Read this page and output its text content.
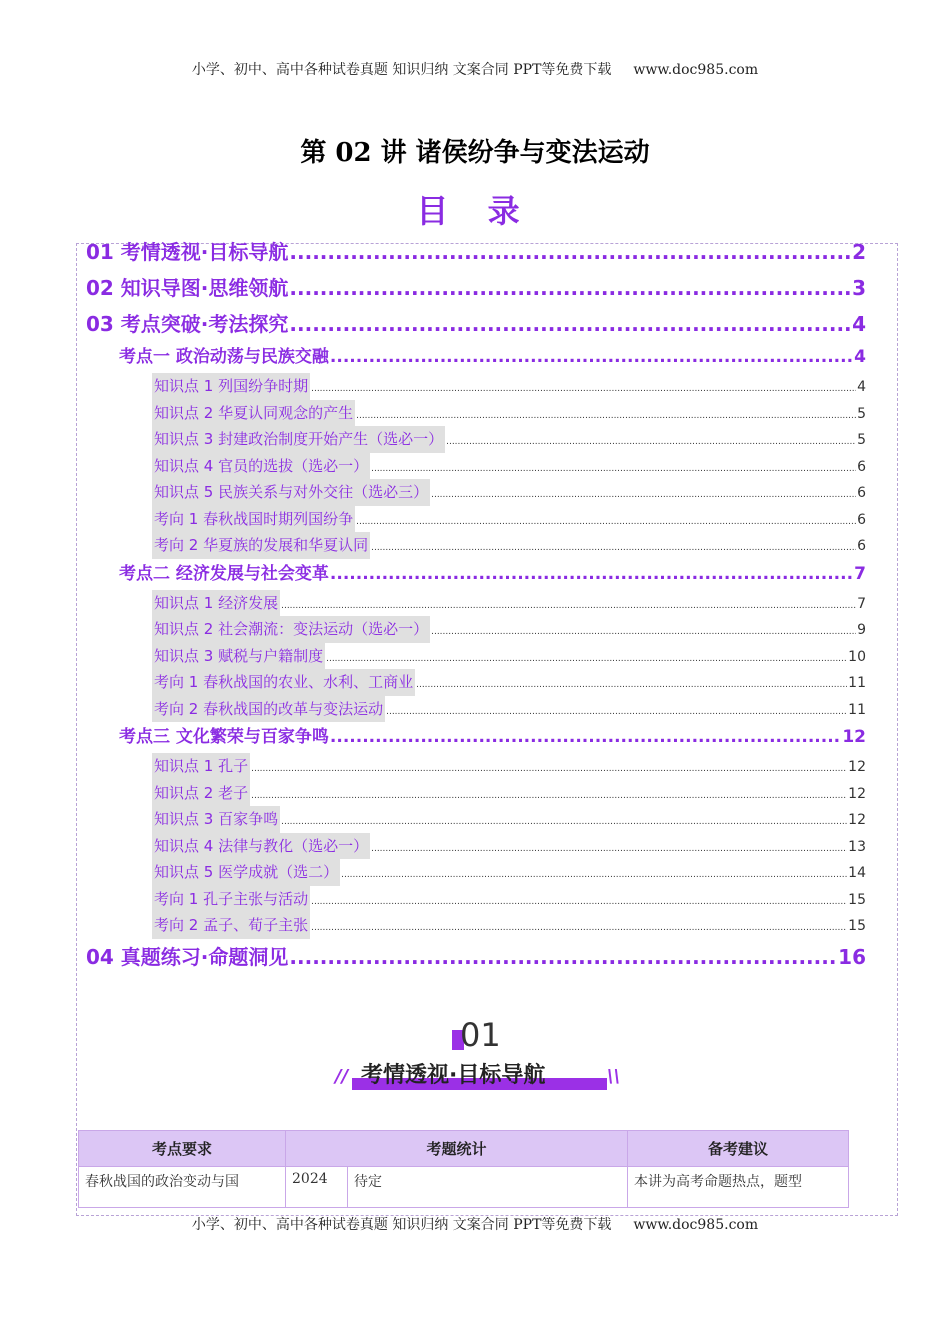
小学、初中、高中各种试卷真题 知识归纳 文案合同 PPT等免费下载 www.doc985.com
第 02 讲 诸侯纷争与变法运动
目 录
01 考情透视·目标导航 .....	2
02 知识导图·思维领航 .....	3
03 考点突破·考法探究 .....	4
考点一 政治动荡与民族交融 .....	4
知识点 1 列国纷争时期 .....	4
知识点 2 华夏认同观念的产生 .....	5
知识点 3 封建政治制度开始产生（选必一） .....	5
知识点 4 官员的选拔（选必一） .....	6
知识点 5 民族关系与对外交往（选必三） .....	6
考向 1 春秋战国时期列国纷争 .....	6
考向 2 华夏族的发展和华夏认同 .....	6
考点二 经济发展与社会变革 .....	7
知识点 1 经济发展 .....	7
知识点 2 社会潮流：变法运动（选必一） .....	9
知识点 3 赋税与户籍制度 .....	10
考向 1 春秋战国的农业、水利、工商业 .....	11
考向 2 春秋战国的改革与变法运动 .....	11
考点三 文化繁荣与百家争鸣 .....	12
知识点 1 孔子 .....	12
知识点 2 老子 .....	12
知识点 3 百家争鸣 .....	12
知识点 4 法律与教化（选必一） .....	13
知识点 5 医学成就（选二） .....	14
考向 1 孔子主张与活动 .....	15
考向 2 孟子、荀子主张 .....	15
04 真题练习·命题洞见 .....	16
01
// 考情透视·目标导航	\\
考点要求	考题统计		备考建议
春秋战国的政治变动与国	2024	待定	本讲为高考命题热点，题型
小学、初中、高中各种试卷真题 知识归纳 文案合同 PPT等免费下载 www.doc985.com
